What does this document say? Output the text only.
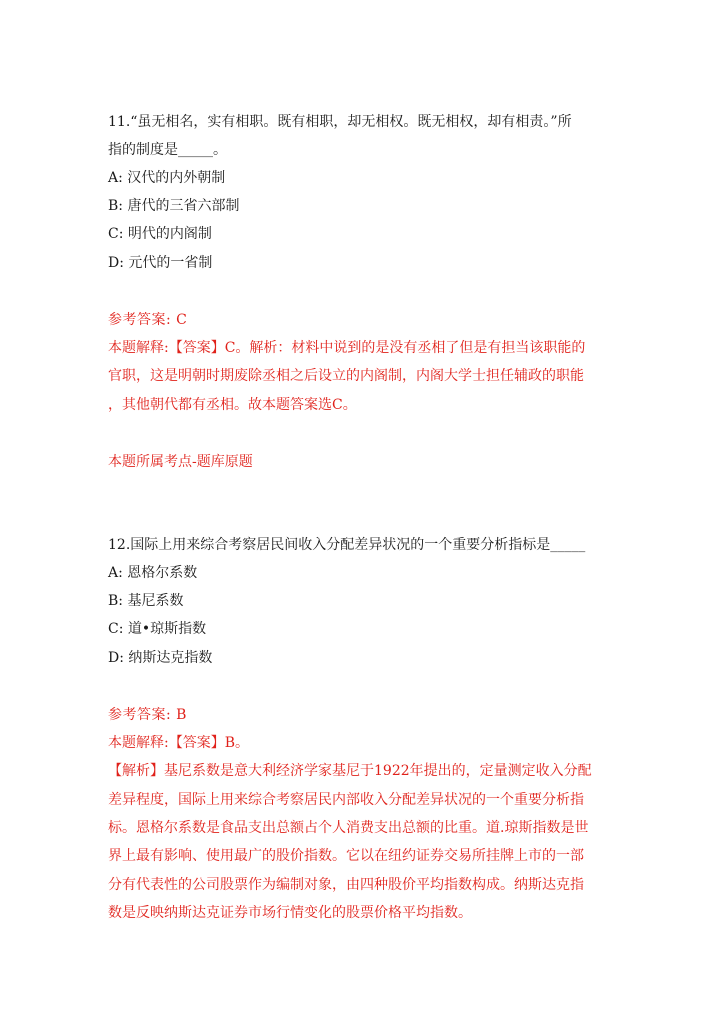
11.“虽无相名，实有相职。既有相职，却无相权。既无相权，却有相责。”所
指的制度是_____。
A: 汉代的内外朝制
B: 唐代的三省六部制
C: 明代的内阁制
D: 元代的一省制
参考答案: C
本题解释:【答案】C。解析：材料中说到的是没有丞相了但是有担当该职能的
官职，这是明朝时期废除丞相之后设立的内阁制，内阁大学士担任辅政的职能
，其他朝代都有丞相。故本题答案选C。
本题所属考点-题库原题
12.国际上用来综合考察居民间收入分配差异状况的一个重要分析指标是_____
A: 恩格尔系数
B: 基尼系数
C: 道•琼斯指数
D: 纳斯达克指数
参考答案: B
本题解释:【答案】B。
【解析】基尼系数是意大利经济学家基尼于1922年提出的，定量测定收入分配
差异程度，国际上用来综合考察居民内部收入分配差异状况的一个重要分析指
标。恩格尔系数是食品支出总额占个人消费支出总额的比重。道.琼斯指数是世
界上最有影响、使用最广的股价指数。它以在纽约证券交易所挂牌上市的一部
分有代表性的公司股票作为编制对象，由四种股价平均指数构成。纳斯达克指
数是反映纳斯达克证券市场行情变化的股票价格平均指数。
